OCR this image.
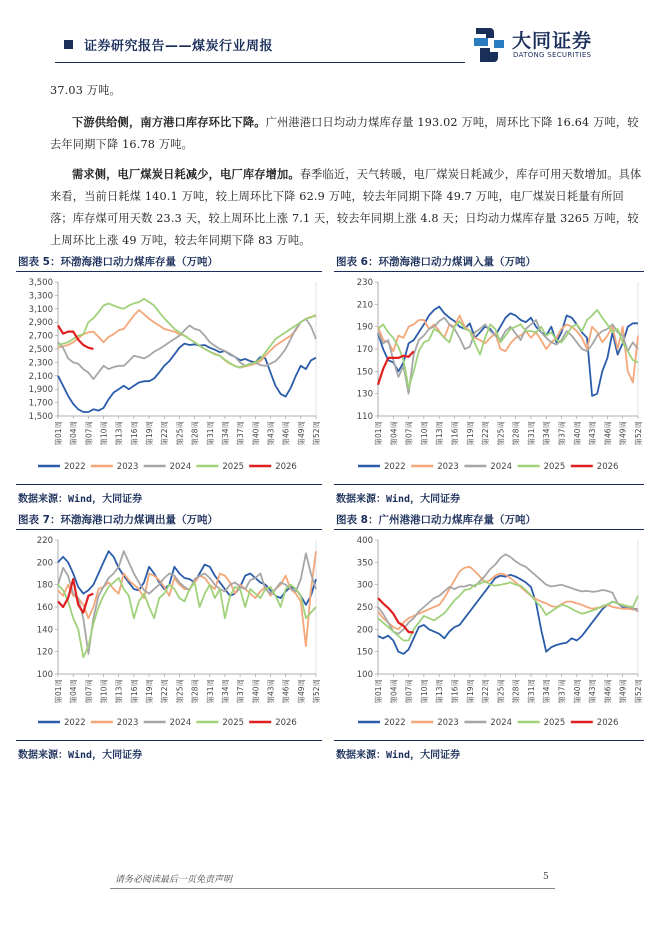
证券研究报告——煤炭行业周报	大同证券
DATONG SECURITIES
37.03 万吨。
下游供给侧，南方港口库存环比下降。广州港港口日均动力煤库存量 193.02 万吨，周环比下降 16.64 万吨，较去年同期下降 16.78 万吨。
需求侧，电厂煤炭日耗减少，电厂库存增加。春季临近，天气转暖，电厂煤炭日耗减少，库存可用天数增加。具体来看，当前日耗煤 140.1 万吨，较上周环比下降 62.9 万吨，较去年同期下降 49.7 万吨，电厂煤炭日耗量有所回落；库存煤可用天数 23.3 天，较上周环比上涨 7.1 天，较去年同期上涨 4.8 天；日均动力煤库存量 3265 万吨，较上周环比上涨 49 万吨，较去年同期下降 83 万吨。
图表 5：环渤海港口动力煤库存量（万吨）	图表 6：环渤海港口动力煤调入量（万吨）
1,500
1,700
1,900
2,100
2,300
2,500
2,700
2,900
3,100
3,300
3,500
第01周 第04周 第07周 第10周 第13周 第16周 第19周 第22周 第25周 第28周 第31周 第34周 第37周 第40周 第43周 第46周 第49周 第52周
2022	2023	2024	2025	2026
110
130
150
170
190
210
230
第01周 第04周 第07周 第10周 第13周 第16周 第19周 第22周 第25周 第28周 第31周 第34周 第37周 第40周 第43周 第46周 第49周 第52周
2022	2023	2024	2025	2026
数据来源：Wind，大同证券	数据来源：Wind，大同证券
图表 7：环渤海港口动力煤调出量（万吨）	图表 8：广州港港口动力煤库存量（万吨）
100
120
140
160
180
200
220
第01周 第04周 第07周 第10周 第13周 第16周 第19周 第22周 第25周 第28周 第31周 第34周 第37周 第40周 第43周 第46周 第49周 第52周
2022	2023	2024	2025	2026
100
150
200
250
300
350
400
第01周 第04周 第07周 第10周 第13周 第16周 第19周 第22周 第25周 第28周 第31周 第34周 第37周 第40周 第43周 第46周 第49周 第52周
2022	2023	2024	2025	2026
数据来源：Wind，大同证券	数据来源：Wind，大同证券
请务必阅读最后一页免责声明	5
